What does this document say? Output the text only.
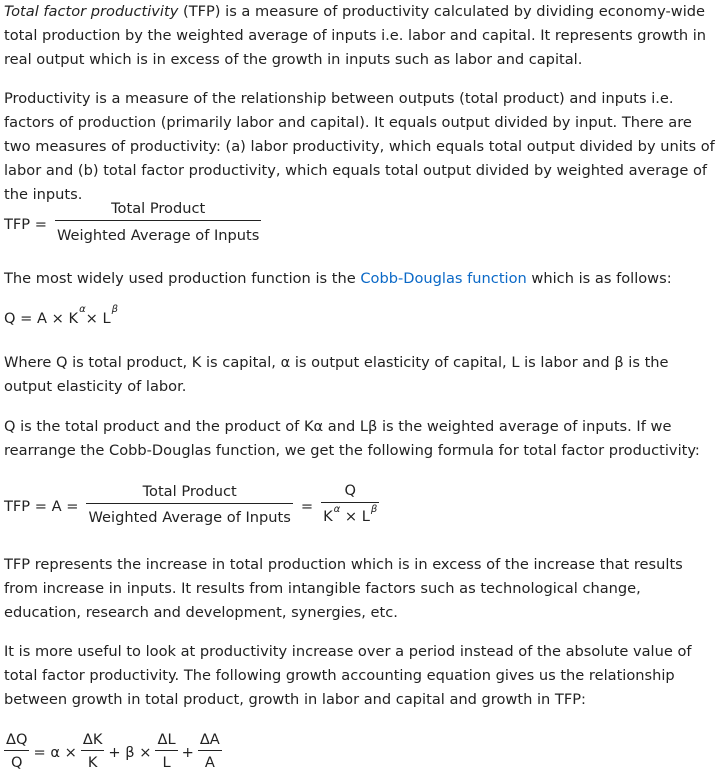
Total factor productivity (TFP) is a measure of productivity calculated by dividing economy-wide total production by the weighted average of inputs i.e. labor and capital. It represents growth in real output which is in excess of the growth in inputs such as labor and capital.

Productivity is a measure of the relationship between outputs (total product) and inputs i.e. factors of production (primarily labor and capital). It equals output divided by input. There are two measures of productivity: (a) labor productivity, which equals total output divided by units of labor and (b) total factor productivity, which equals total output divided by weighted average of the inputs.

TFP = $\frac{\text{Total Product}}{\text{Weighted Average of Inputs}}$

The most widely used production function is the Cobb-Douglas function which is as follows:

Q = A × K
α
× L
β

Where Q is total product, K is capital, α is output elasticity of capital, L is labor and β is the output elasticity of labor.

Q is the total product and the product of Kα and Lβ is the weighted average of inputs. If we rearrange the Cobb-Douglas function, we get the following formula for total factor productivity:

TFP = $A = \frac{\text{Total Product}}{\text{Weighted Average of Inputs}} = \frac{Q}{K^\alpha \times L^\beta}$

TFP represents the increase in total production which is in excess of the increase that results from increase in inputs. It results from intangible factors such as technological change, education, research and development, synergies, etc.

It is more useful to look at productivity increase over a period instead of the absolute value of total factor productivity. The following growth accounting equation gives us the relationship between growth in total product, growth in labor and capital and growth in TFP:

$\frac{\Delta Q}{Q} = \alpha \times \frac{\Delta K}{K} + \beta \times \frac{\Delta L}{L} + \frac{\Delta A}{A}$
